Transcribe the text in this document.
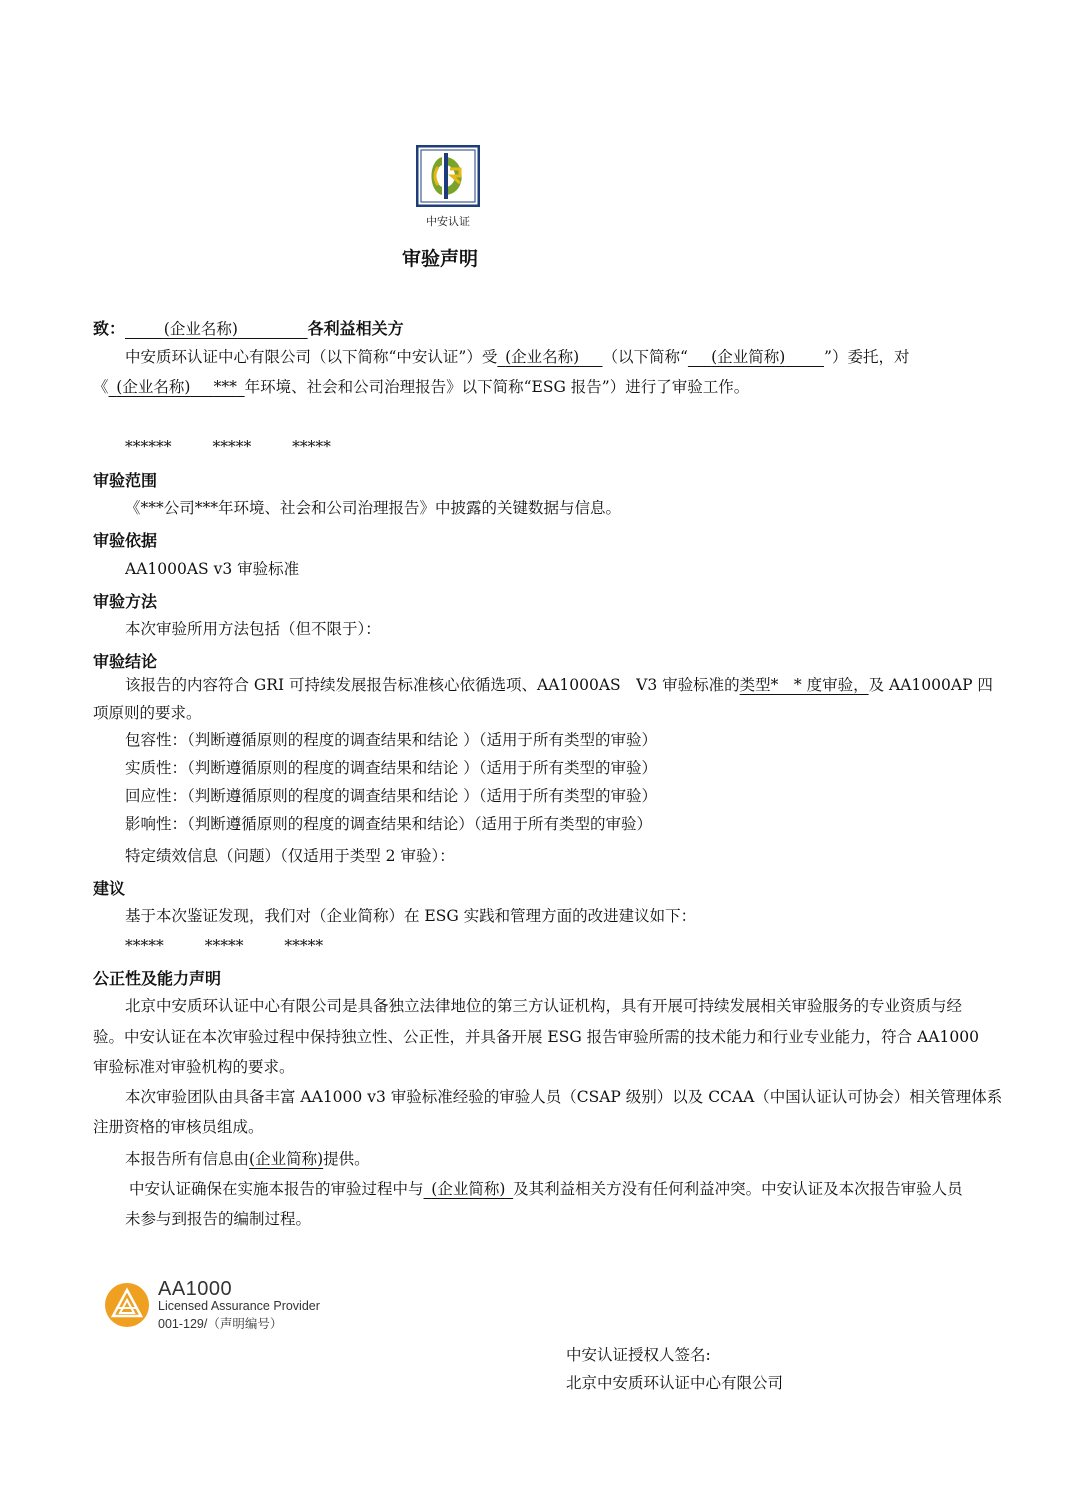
中安认证
审验声明
致：   	(企业名称)     	各利益相关方
中安质环认证中心有限公司（以下简称“中安认证”）受  (企业名称)   （以下简称“   (企业简称)   	”）委托，对
《  (企业名称)   ***  年环境、社会和公司治理报告》以下简称“ESG 报告”）进行了审验工作。
******	*****	*****
审验范围
《***公司***年环境、社会和公司治理报告》中披露的关键数据与信息。
审验依据
AA1000AS v3 审验标准
审验方法
本次审验所用方法包括（但不限于）：
审验结论
该报告的内容符合 GRI 可持续发展报告标准核心依循选项、AA1000AS　V3 审验标准的类型*　* 度审验，及 AA1000AP 四
项原则的要求。
包容性：（判断遵循原则的程度的调查结果和结论 ）（适用于所有类型的审验）
实质性：（判断遵循原则的程度的调查结果和结论 ）（适用于所有类型的审验）
回应性：（判断遵循原则的程度的调查结果和结论 ）（适用于所有类型的审验）
影响性：（判断遵循原则的程度的调查结果和结论）（适用于所有类型的审验）
特定绩效信息（问题）（仅适用于类型 2 审验）：
建议
基于本次鉴证发现，我们对（企业简称）在 ESG 实践和管理方面的改进建议如下：
*****	*****	*****
公正性及能力声明
北京中安质环认证中心有限公司是具备独立法律地位的第三方认证机构，具有开展可持续发展相关审验服务的专业资质与经
验。中安认证在本次审验过程中保持独立性、公正性，并具备开展 ESG 报告审验所需的技术能力和行业专业能力，符合 AA1000
审验标准对审验机构的要求。
本次审验团队由具备丰富 AA1000 v3 审验标准经验的审验人员（CSAP 级别）以及 CCAA（中国认证认可协会）相关管理体系
注册资格的审核员组成。
本报告所有信息由(企业简称)提供。
中安认证确保在实施本报告的审验过程中与  (企业简称)  及其利益相关方没有任何利益冲突。中安认证及本次报告审验人员
未参与到报告的编制过程。
AA1000
Licensed Assurance Provider
001-129/（声明编号）
中安认证授权人签名:
北京中安质环认证中心有限公司
